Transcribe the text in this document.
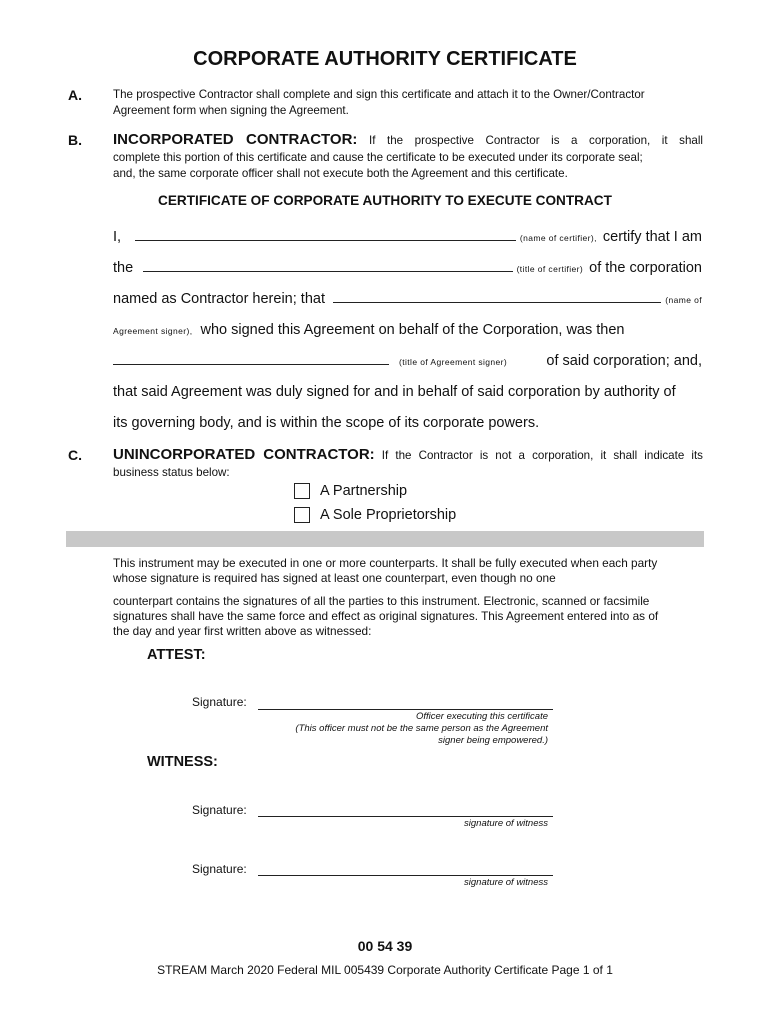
CORPORATE AUTHORITY CERTIFICATE
A.	The prospective Contractor shall complete and sign this certificate and attach it to the Owner/Contractor
Agreement form when signing the Agreement.
B. INCORPORATED CONTRACTOR: If the prospective Contractor is a corporation, it shall
complete this portion of this certificate and cause the certificate to be executed under its corporate seal;
and, the same corporate officer shall not execute both the Agreement and this certificate.
CERTIFICATE OF CORPORATE AUTHORITY TO EXECUTE CONTRACT
I,	(name of certifier), certify that I am
the	(title of certifier) of the corporation
named as Contractor herein; that	(name of
Agreement signer), who signed this Agreement on behalf of the Corporation, was then
(title of Agreement signer)	of said corporation; and,
that said Agreement was duly signed for and in behalf of said corporation by authority of
its governing body, and is within the scope of its corporate powers.
C. UNINCORPORATED CONTRACTOR: If the Contractor is not a corporation, it shall indicate its
business status below:
A Partnership
A Sole Proprietorship
This instrument may be executed in one or more counterparts. It shall be fully executed when each party
whose signature is required has signed at least one counterpart, even though no one
counterpart contains the signatures of all the parties to this instrument. Electronic, scanned or facsimile
signatures shall have the same force and effect as original signatures. This Agreement entered into as of
the day and year first written above as witnessed:
ATTEST:
Signature:
Officer executing this certificate
(This officer must not be the same person as the Agreement
signer being empowered.)
WITNESS:
Signature:
signature of witness
Signature:
signature of witness
00 54 39
STREAM March 2020 Federal MIL 005439 Corporate Authority Certificate Page 1 of 1
